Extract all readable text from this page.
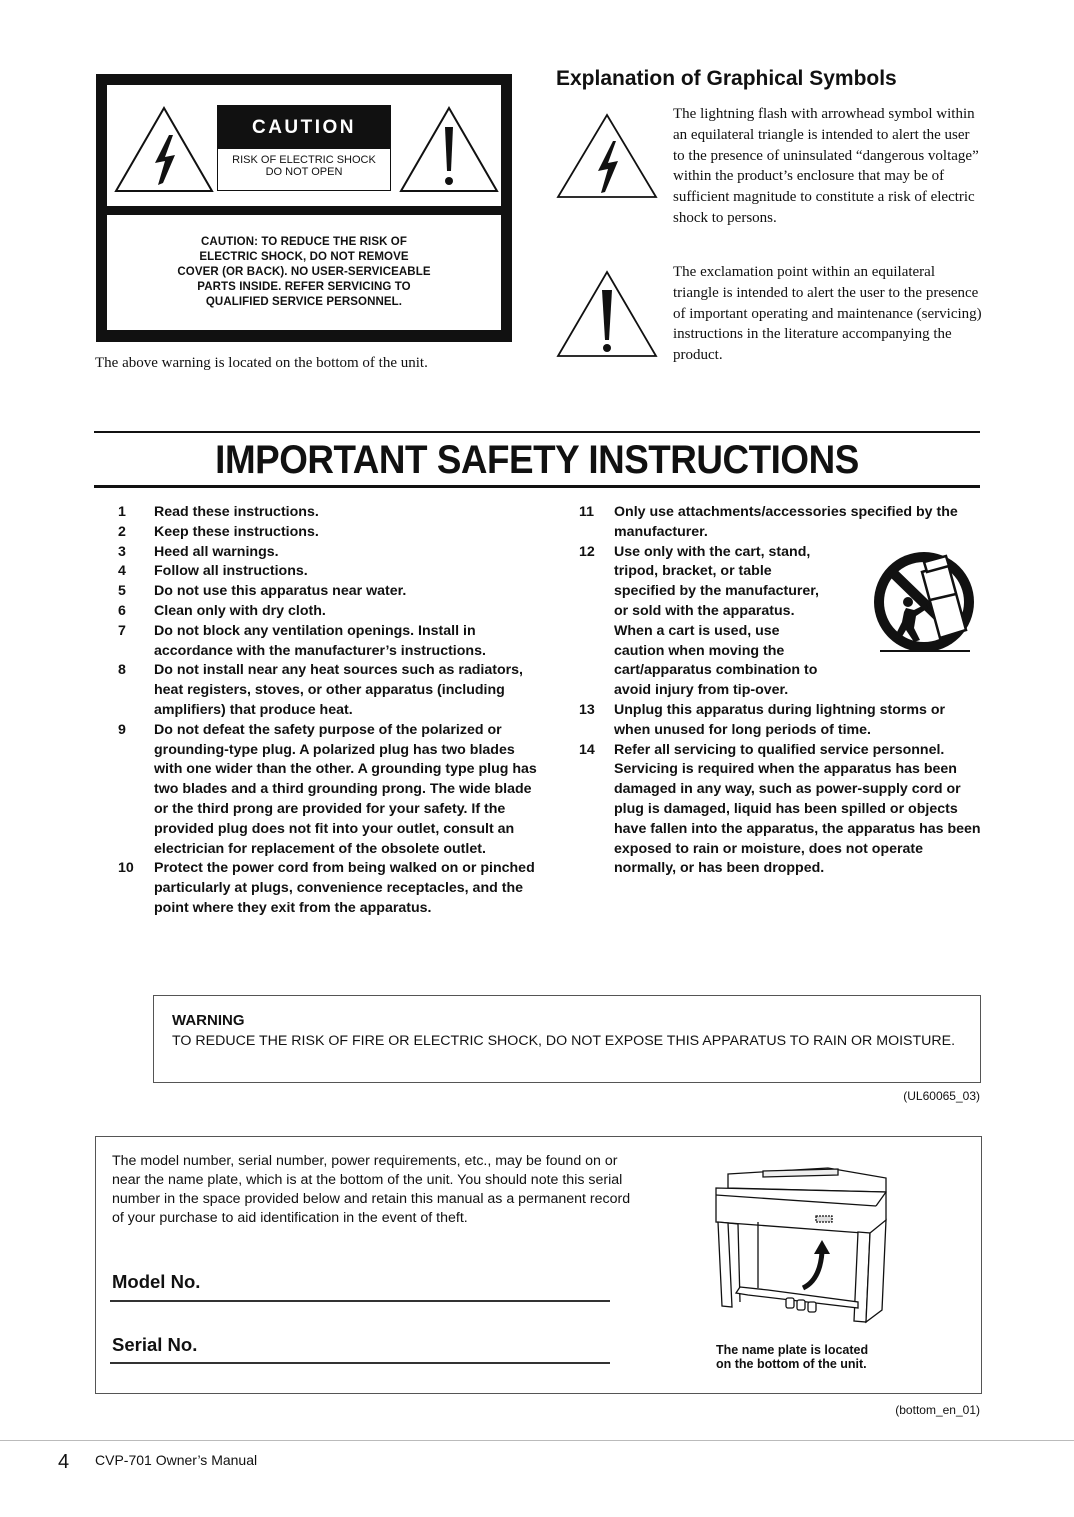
CAUTION
RISK OF ELECTRIC SHOCK
DO NOT OPEN

CAUTION: TO REDUCE THE RISK OF
ELECTRIC SHOCK, DO NOT REMOVE
COVER (OR BACK). NO USER-SERVICEABLE
PARTS INSIDE. REFER SERVICING TO
QUALIFIED SERVICE PERSONNEL.

The above warning is located on the bottom of the unit.
Explanation of Graphical Symbols
The lightning flash with arrowhead symbol within an equilateral triangle is intended to alert the user to the presence of uninsulated “dangerous voltage” within the product’s enclosure that may be of sufficient magnitude to constitute a risk of electric shock to persons.
The exclamation point within an equilateral triangle is intended to alert the user to the presence of important operating and maintenance (servicing) instructions in the literature accompanying the product.
IMPORTANT SAFETY INSTRUCTIONS
1	Read these instructions.
2	Keep these instructions.
3	Heed all warnings.
4	Follow all instructions.
5	Do not use this apparatus near water.
6	Clean only with dry cloth.
7	Do not block any ventilation openings. Install in accordance with the manufacturer’s instructions.
8	Do not install near any heat sources such as radiators, heat registers, stoves, or other apparatus (including amplifiers) that produce heat.
9	Do not defeat the safety purpose of the polarized or grounding-type plug. A polarized plug has two blades with one wider than the other. A grounding type plug has two blades and a third grounding prong. The wide blade or the third prong are provided for your safety. If the provided plug does not fit into your outlet, consult an electrician for replacement of the obsolete outlet.
10	Protect the power cord from being walked on or pinched particularly at plugs, convenience receptacles, and the point where they exit from the apparatus.
11	Only use attachments/accessories specified by the manufacturer.
12	Use only with the cart, stand, tripod, bracket, or table specified by the manufacturer, or sold with the apparatus. When a cart is used, use caution when moving the cart/apparatus combination to avoid injury from tip-over.
13	Unplug this apparatus during lightning storms or when unused for long periods of time.
14	Refer all servicing to qualified service personnel. Servicing is required when the apparatus has been damaged in any way, such as power-supply cord or plug is damaged, liquid has been spilled or objects have fallen into the apparatus, the apparatus has been exposed to rain or moisture, does not operate normally, or has been dropped.
WARNING
TO REDUCE THE RISK OF FIRE OR ELECTRIC SHOCK, DO NOT EXPOSE THIS APPARATUS TO RAIN OR MOISTURE.
(UL60065_03)
The model number, serial number, power requirements, etc., may be found on or near the name plate, which is at the bottom of the unit. You should note this serial number in the space provided below and retain this manual as a permanent record of your purchase to aid identification in the event of theft.
Model No.
Serial No.	The name plate is located
on the bottom of the unit.
(bottom_en_01)
4 CVP-701 Owner’s Manual
